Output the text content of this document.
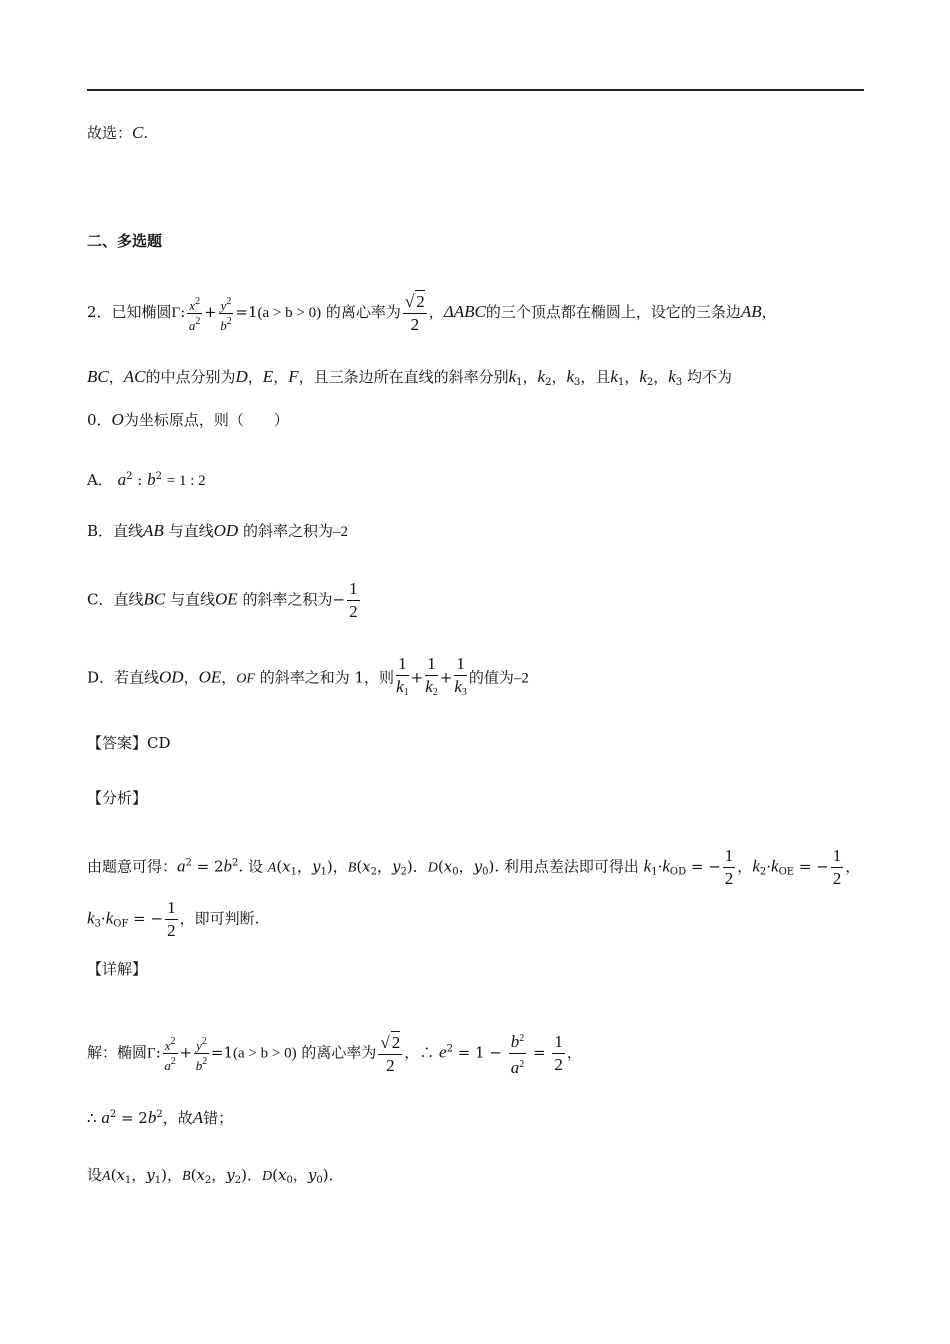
故选：C.
二、多选题
2．已知椭圆Γ: $\frac{x^2}{a^2} + \frac{y^2}{b^2} =1(a > b > 0)$ 的离心率为 $\frac{√ 2}{2}$ ，ΔABC的三个顶点都在椭圆上，设它的三条边AB，
BC，AC的中点分别为D，E，F，且三条边所在直线的斜率分别$k_1$，$k_2$，$k_3$，且$k_1$，$k_2$，$k_3$ 均不为
0．O为坐标原点，则（　　）
A． $a^2$ : $b^2 = 1$ : 2
B．直线AB 与直线OD 的斜率之积为–2
C．直线BC 与直线OE 的斜率之积为− $\frac{1}{2}$
D．若直线OD，OE，OF 的斜率之和为 1，则 $\frac{1}{k_1} + \frac{1}{k_2} + \frac{1}{k_3}$ 的值为–2
【答案】CD
【分析】
由题意可得：$a^2 = 2b^2$. 设 $A(x_1$，$y_1$)，$B(x_2$，$y_2$)．$D(x_0$，$y_0$). 利用点差法即可得出 $k_1\cdot k_{OD}$ = − $\frac{1}{2}$ ，$k_2\cdot k_{OE}$ = − $\frac{1}{2}$ ，
$k_3\cdot k_{OF}$ = − $\frac{1}{2}$ ，即可判断.
【详解】
解：椭圆Γ: $\frac{x^2}{a^2} + \frac{y^2}{b^2} =1(a > b > 0)$ 的离心率为 $\frac{√ 2}{2}$ ，∴ $e^2 = 1 - \frac{b^2}{a^2} = \frac{1}{2}$ ，
∴ $a^2 = 2b^2$，故A错；
设$A(x_1$，$y_1$)，$B(x_2$，$y_2$)．$D(x_0$，$y_0$)．
